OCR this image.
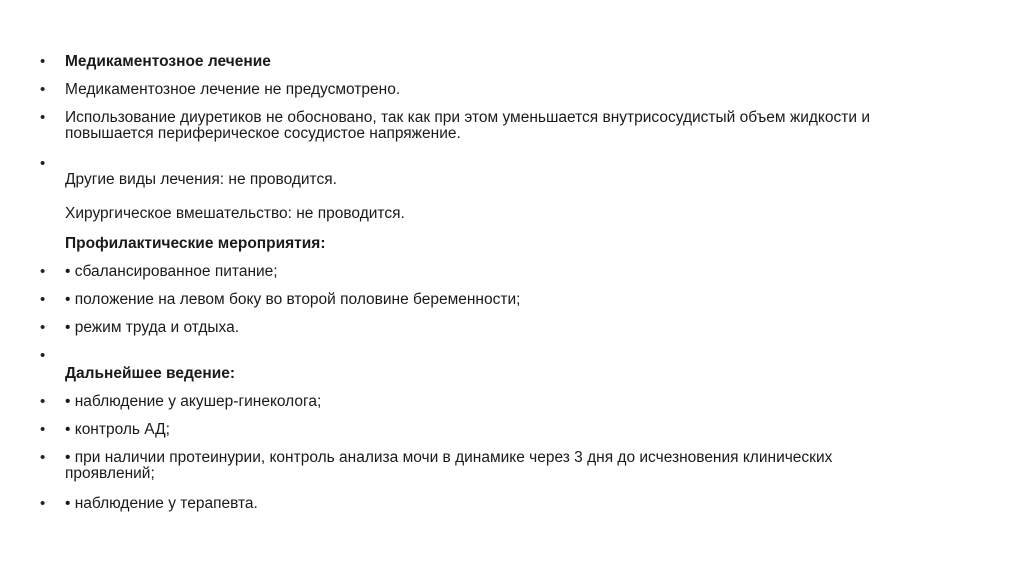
• Медикаментозное лечение
• Медикаментозное лечение не предусмотрено.
• Использование диуретиков не обосновано, так как при этом уменьшается внутрисосудистый объем жидкости и повышается периферическое сосудистое напряжение.
•
Другие виды лечения: не проводится.
Хирургическое вмешательство: не проводится.
Профилактические мероприятия:
• • сбалансированное питание;
• • положение на левом боку во второй половине беременности;
• • режим труда и отдыха.
•
Дальнейшее ведение:
• • наблюдение у акушер-гинеколога;
• • контроль АД;
• • при наличии протеинурии, контроль анализа мочи в динамике через 3 дня до исчезновения клинических проявлений;
• • наблюдение у терапевта.
